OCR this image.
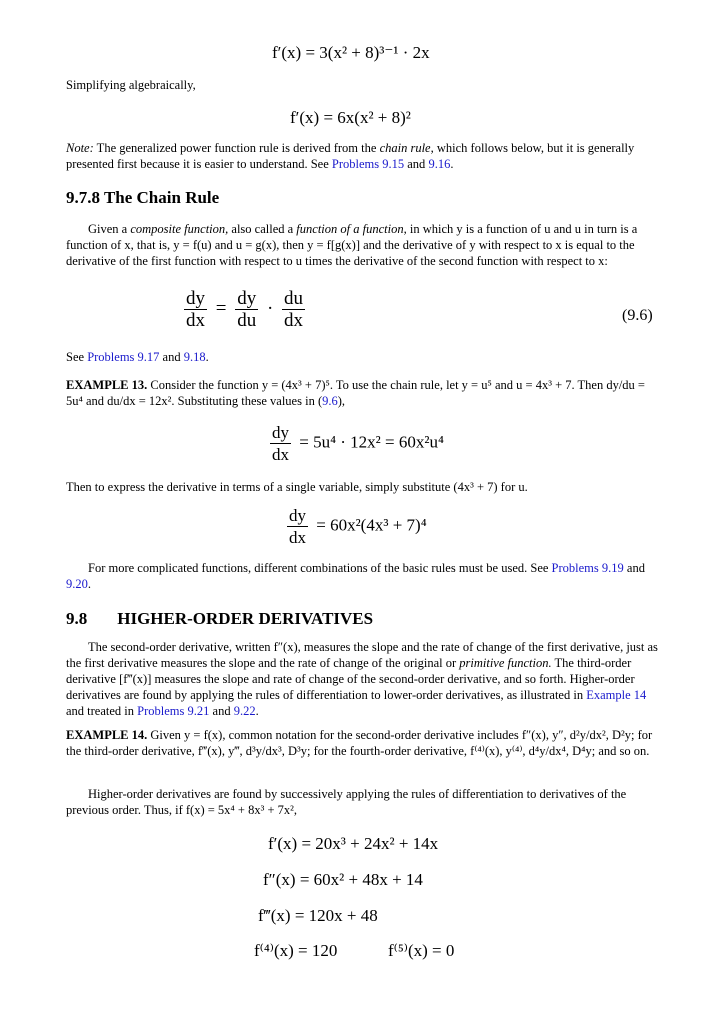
f′(x) = 3(x² + 8)³⁻¹ · 2x
Simplifying algebraically,
f′(x) = 6x(x² + 8)²
Note: The generalized power function rule is derived from the chain rule, which follows below, but it is generally presented first because it is easier to understand. See Problems 9.15 and 9.16.
9.7.8 The Chain Rule
Given a composite function, also called a function of a function, in which y is a function of u and u in turn is a function of x, that is, y = f(u) and u = g(x), then y = f[g(x)] and the derivative of y with respect to x is equal to the derivative of the first function with respect to u times the derivative of the second function with respect to x:
$\frac{dy}{dx} = \frac{dy}{du} \cdot \frac{du}{dx}$	(9.6)
See Problems 9.17 and 9.18.
EXAMPLE 13. Consider the function y = (4x³ + 7)⁵. To use the chain rule, let y = u⁵ and u = 4x³ + 7. Then dy/du = 5u⁴ and du/dx = 12x². Substituting these values in (9.6),
$\frac{dy}{dx} = 5u^4 \cdot 12x^2 = 60x^2u^4$
Then to express the derivative in terms of a single variable, simply substitute (4x³ + 7) for u.
$\frac{dy}{dx} = 60x^2(4x^3 + 7)^4$
For more complicated functions, different combinations of the basic rules must be used. See Problems 9.19 and 9.20.
9.8 HIGHER-ORDER DERIVATIVES
The second-order derivative, written f″(x), measures the slope and the rate of change of the first derivative, just as the first derivative measures the slope and the rate of change of the original or primitive function. The third-order derivative [f‴(x)] measures the slope and rate of change of the second-order derivative, and so forth. Higher-order derivatives are found by applying the rules of differentiation to lower-order derivatives, as illustrated in Example 14 and treated in Problems 9.21 and 9.22.
EXAMPLE 14. Given y = f(x), common notation for the second-order derivative includes f″(x), y″, d²y/dx², D²y; for the third-order derivative, f‴(x), y‴, d³y/dx³, D³y; for the fourth-order derivative, f⁽⁴⁾(x), y⁽⁴⁾, d⁴y/dx⁴, D⁴y; and so on.
Higher-order derivatives are found by successively applying the rules of differentiation to derivatives of the previous order. Thus, if f(x) = 5x⁴ + 8x³ + 7x²,
f′(x) = 20x³ + 24x² + 14x
f″(x) = 60x² + 48x + 14
f‴(x) = 120x + 48
f⁽⁴⁾(x) = 120	f⁽⁵⁾(x) = 0
